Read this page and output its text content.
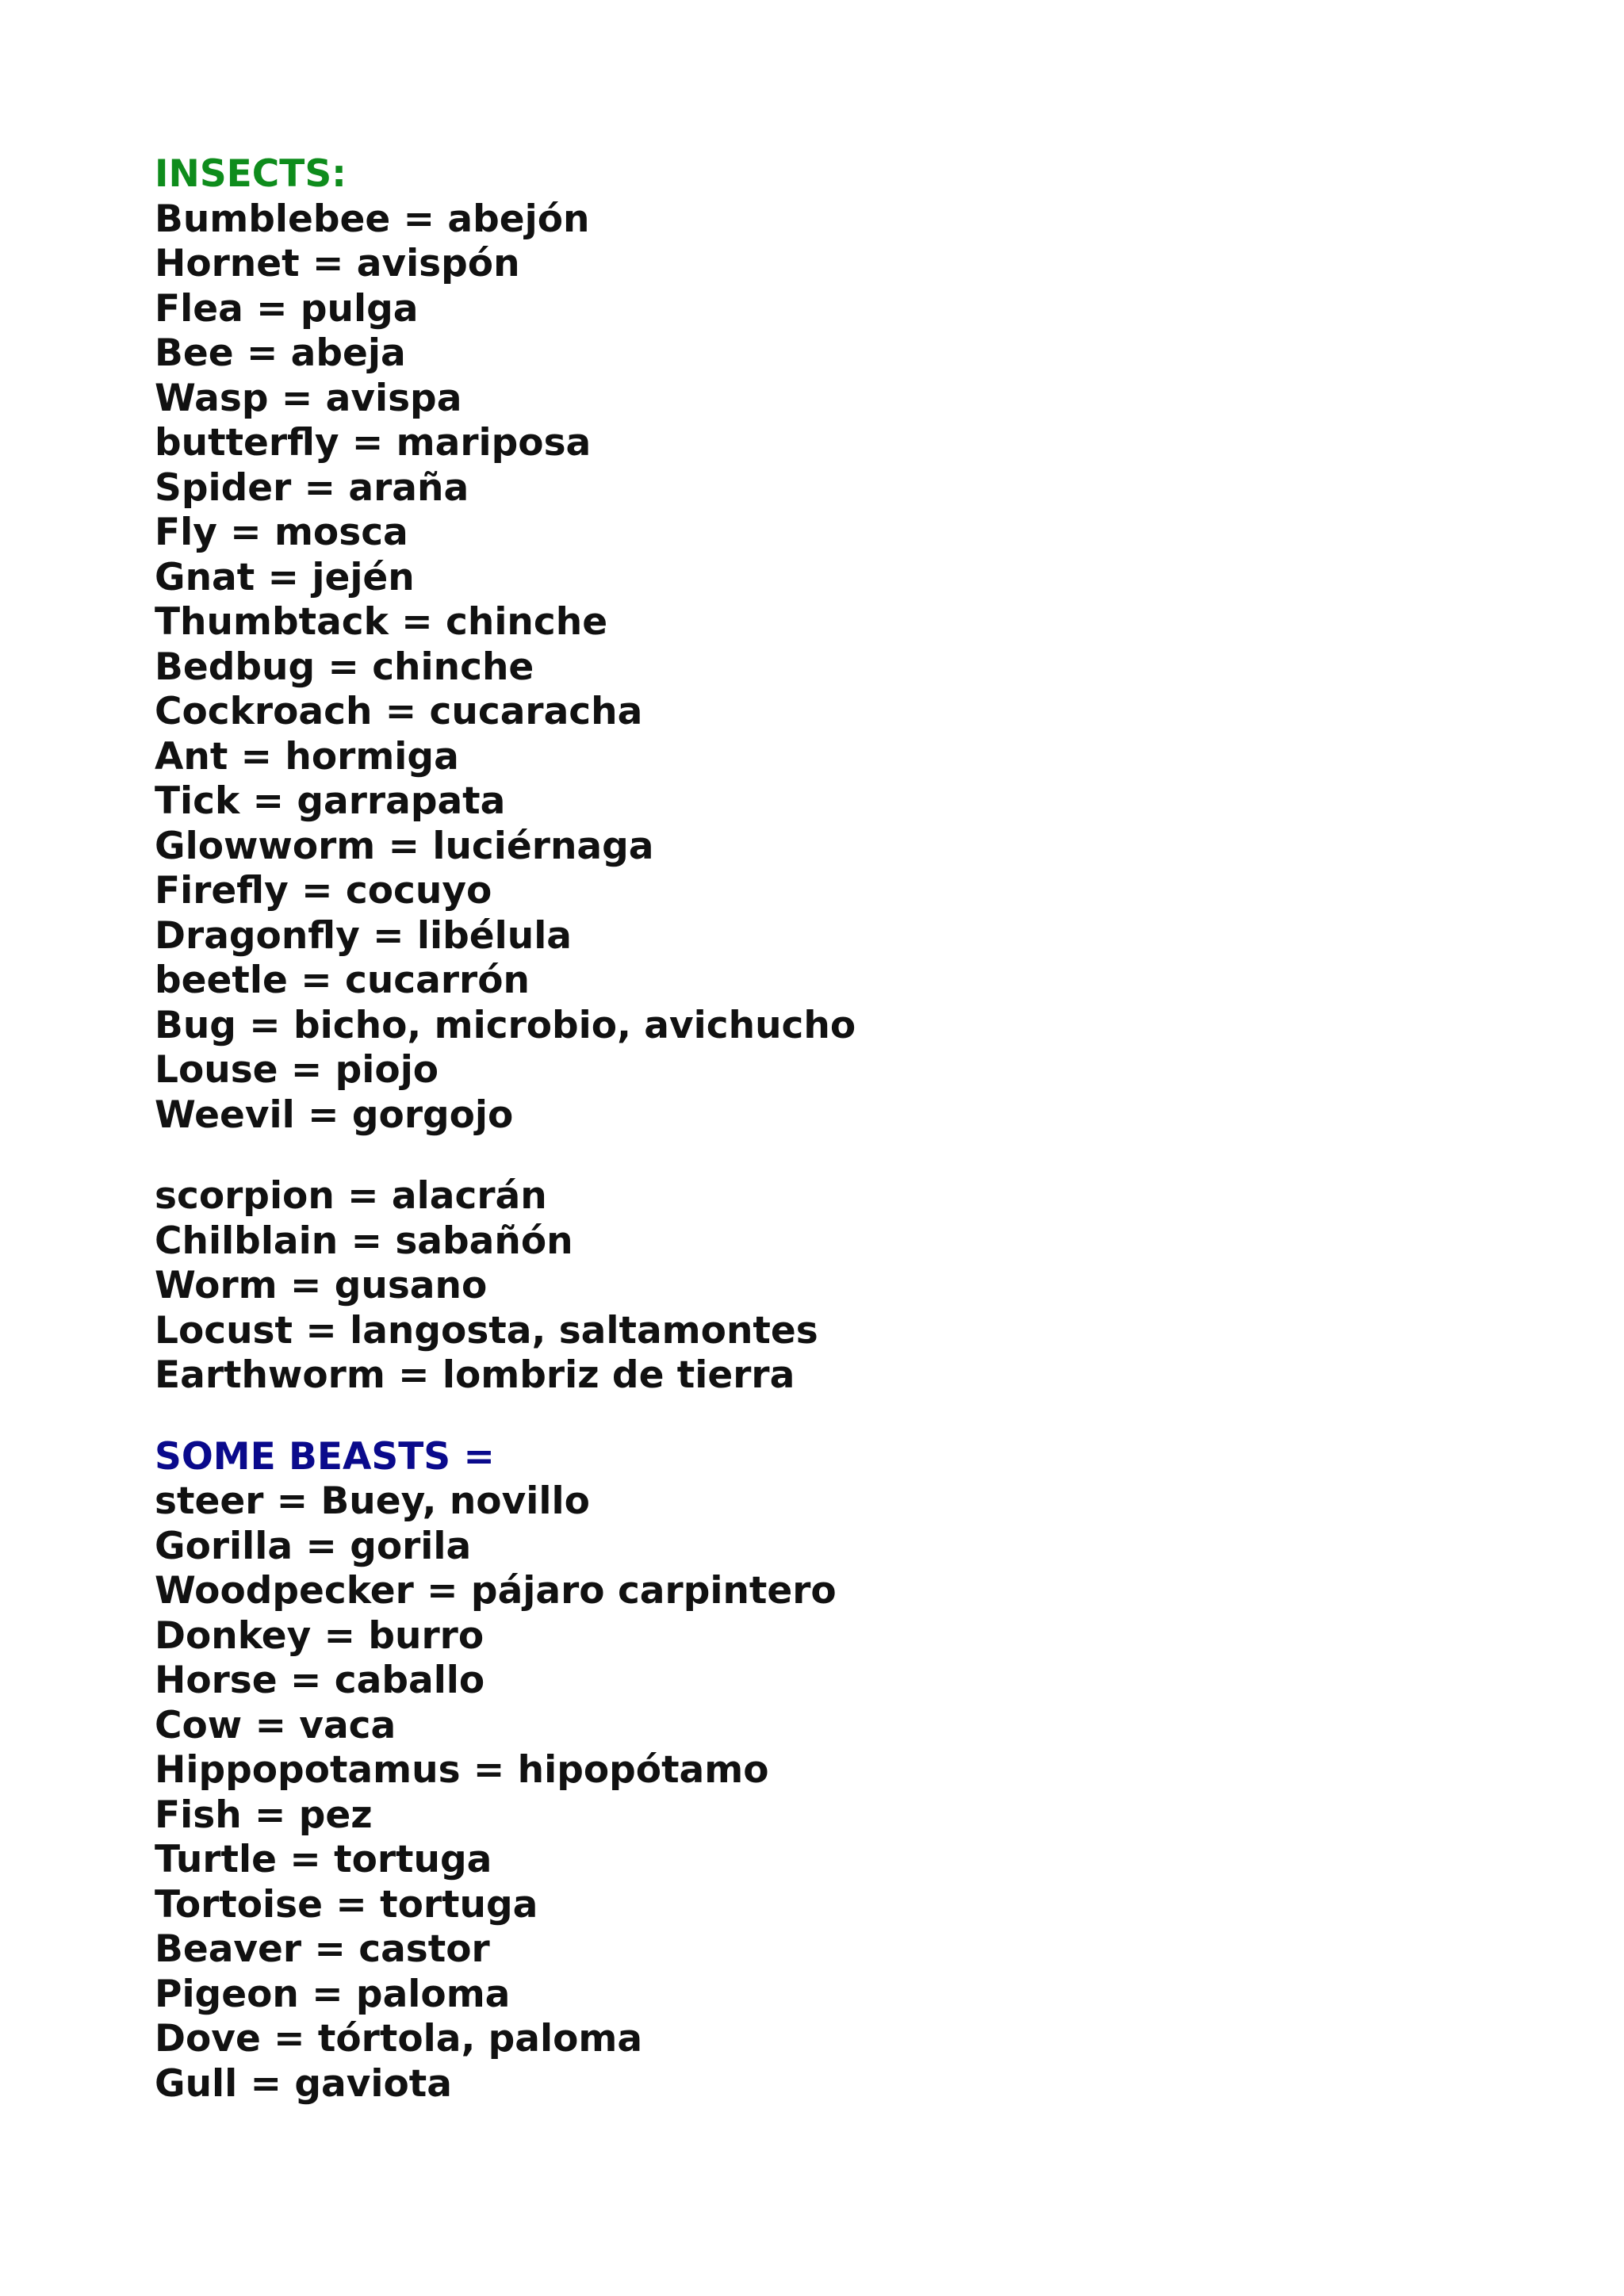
INSECTS:
Bumblebee = abejón
Hornet = avispón
Flea = pulga
Bee = abeja
Wasp = avispa
butterfly = mariposa
Spider = araña
Fly = mosca
Gnat = jején
Thumbtack = chinche
Bedbug = chinche
Cockroach = cucaracha
Ant = hormiga
Tick = garrapata
Glowworm = luciérnaga
Firefly = cocuyo
Dragonfly = libélula
beetle = cucarrón
Bug = bicho, microbio, avichucho
Louse = piojo
Weevil = gorgojo
scorpion = alacrán
Chilblain = sabañón
Worm = gusano
Locust = langosta, saltamontes
Earthworm = lombriz de tierra
SOME BEASTS =
steer = Buey, novillo
Gorilla = gorila
Woodpecker = pájaro carpintero
Donkey = burro
Horse = caballo
Cow = vaca
Hippopotamus = hipopótamo
Fish = pez
Turtle = tortuga
Tortoise = tortuga
Beaver = castor
Pigeon = paloma
Dove = tórtola, paloma
Gull = gaviota
